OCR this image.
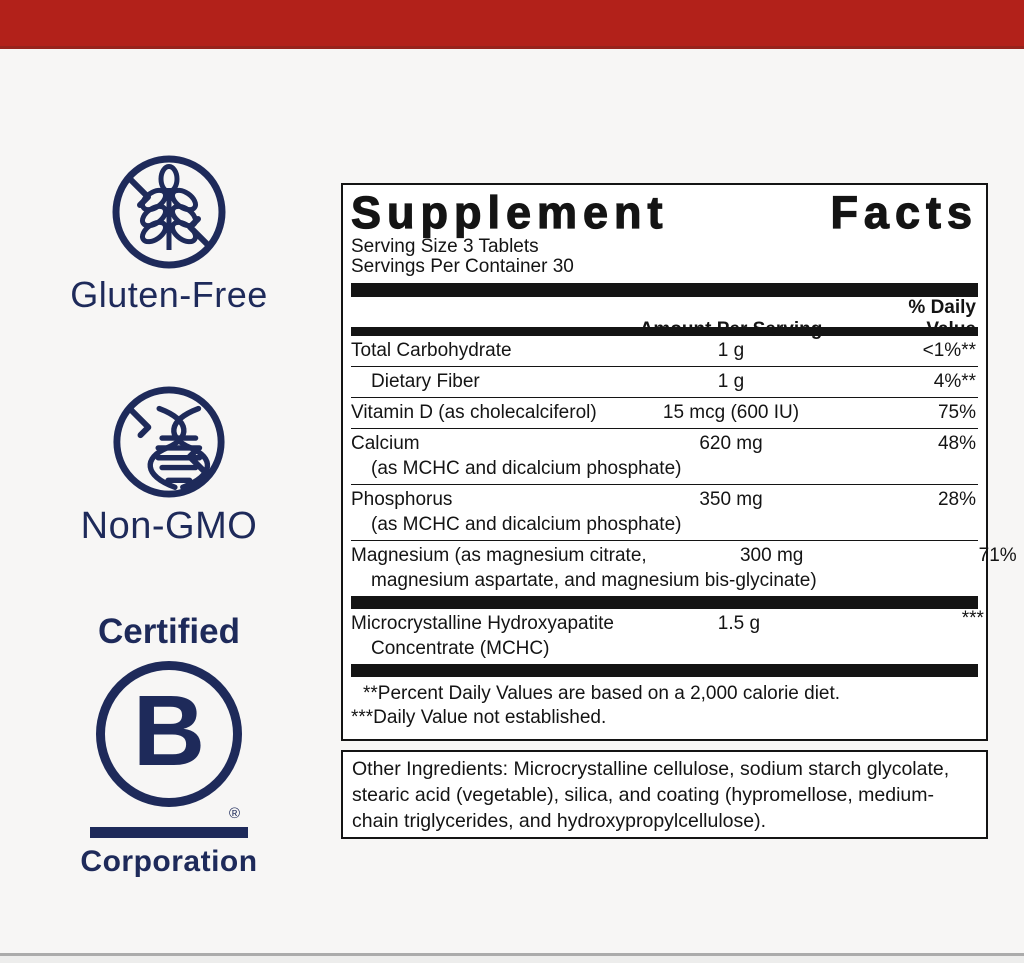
Gluten-Free
Non-GMO
Certified
B
®
Corporation
Supplement	Facts
Serving Size 3 Tablets
Servings Per Container 30
Amount Per Serving
% Daily Value
Total Carbohydrate	1 g	<1%**
Dietary Fiber	1 g	4%**
Vitamin D (as cholecalciferol)	15 mcg (600 IU)	75%
Calcium	620 mg	48%
(as MCHC and dicalcium phosphate)
Phosphorus	350 mg	28%
(as MCHC and dicalcium phosphate)
Magnesium (as magnesium citrate,	300 mg	71%
magnesium aspartate, and magnesium bis-glycinate)
Microcrystalline Hydroxyapatite	1.5 g	***
Concentrate (MCHC)
**Percent Daily Values are based on a 2,000 calorie diet.
***Daily Value not established.
Other Ingredients: Microcrystalline cellulose, sodium starch glycolate, stearic acid (vegetable), silica, and coating (hypromellose, medium-chain triglycerides, and hydroxypropylcellulose).
